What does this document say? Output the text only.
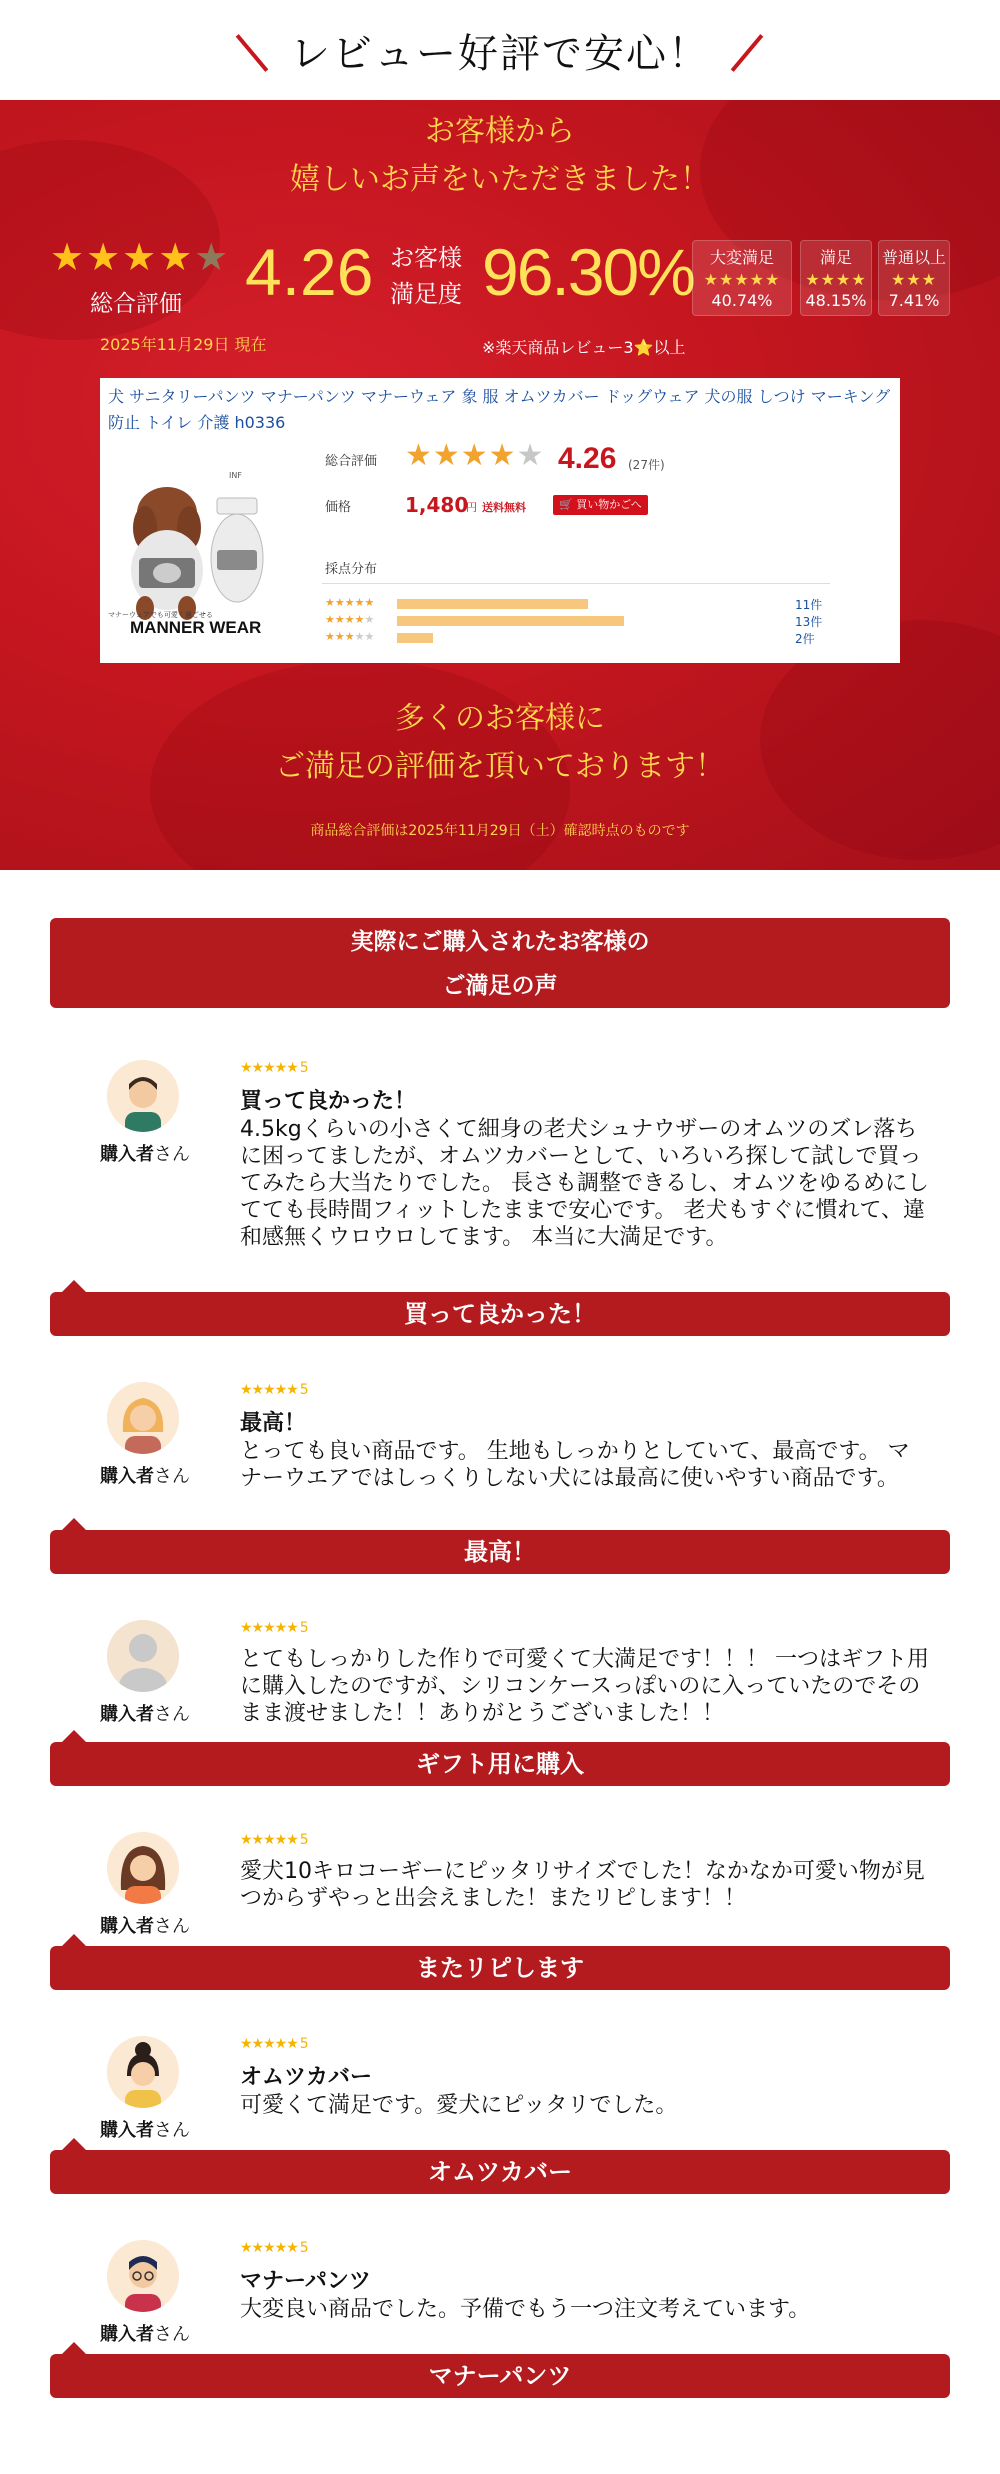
レビュー好評で安心！
お客様から
嬉しいお声をいただきました！
★★★★★
総合評価
2025年11月29日 現在
4.26 お客様
満足度 96.30%
※楽天商品レビュー3⭐以上
大変満足
★★★★★
40.74%
満足
★★★★
48.15%
普通以上
★★★
7.41%
犬 サニタリーパンツ マナーパンツ マナーウェア 象 服 オムツカバー ドッグウェア 犬の服 しつけ マーキング防止 トイレ 介護 h0336
INF
マナーウェアでも可愛く過ごせる
MANNER WEAR
総合評価 ★★★★★ 4.26 (27件)
価格	1,480
円 送料無料	🛒 買い物かごへ
採点分布
★★★★★	11件
★★★★★	13件
★★★★★	2件
多くのお客様に
ご満足の評価を頂いております！
商品総合評価は2025年11月29日（土）確認時点のものです
実際にご購入されたお客様の
ご満足の声
購入者さん
★★★★★ 5
買って良かった！
4.5kgくらいの小さくて細身の老犬シュナウザーのオムツのズレ落ちに困ってましたが、オムツカバーとして、いろいろ探して試しで買ってみたら大当たりでした。 長さも調整できるし、オムツをゆるめにしてても長時間フィットしたままで安心です。 老犬もすぐに慣れて、違和感無くウロウロしてます。 本当に大満足です。
買って良かった！
購入者さん
★★★★★ 5
最高！
とっても良い商品です。 生地もしっかりとしていて、最高です。 マナーウエアではしっくりしない犬には最高に使いやすい商品です。
最高！
購入者さん
★★★★★ 5
とてもしっかりした作りで可愛くて大満足です！！！ 一つはギフト用に購入したのですが、シリコンケースっぽいのに入っていたのでそのまま渡せました！！ありがとうございました！！
ギフト用に購入
購入者さん
★★★★★ 5
愛犬10キロコーギーにピッタリサイズでした！なかなか可愛い物が見つからずやっと出会えました！またリピします！！
またリピします
購入者さん
★★★★★ 5
オムツカバー
可愛くて満足です。愛犬にピッタリでした。
オムツカバー
購入者さん
★★★★★ 5
マナーパンツ
大変良い商品でした。予備でもう一つ注文考えています。
マナーパンツ
